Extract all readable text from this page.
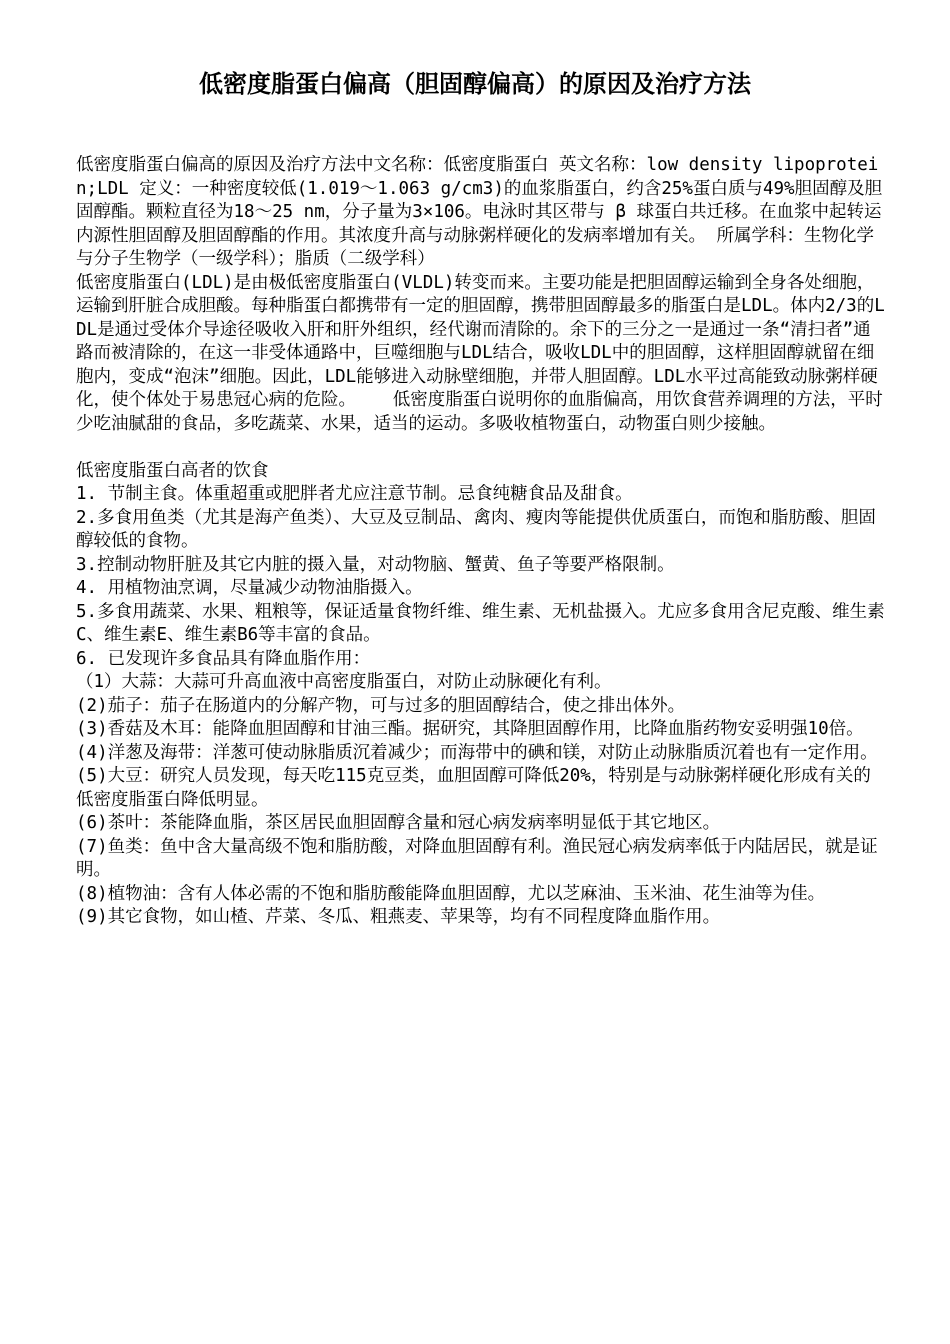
低密度脂蛋白偏高（胆固醇偏高）的原因及治疗方法

低密度脂蛋白偏高的原因及治疗方法中文名称：低密度脂蛋白 英文名称：low density lipoprotein;LDL 定义：一种密度较低(1.019～1.063 g/cm3)的血浆脂蛋白，约含25%蛋白质与49%胆固醇及胆固醇酯。颗粒直径为18～25 nm，分子量为3×106。电泳时其区带与 β 球蛋白共迁移。在血浆中起转运内源性胆固醇及胆固醇酯的作用。其浓度升高与动脉粥样硬化的发病率增加有关。 所属学科：生物化学与分子生物学（一级学科）；脂质（二级学科）

低密度脂蛋白(LDL)是由极低密度脂蛋白(VLDL)转变而来。主要功能是把胆固醇运输到全身各处细胞，运输到肝脏合成胆酸。每种脂蛋白都携带有一定的胆固醇，携带胆固醇最多的脂蛋白是LDL。体内2/3的LDL是通过受体介导途径吸收入肝和肝外组织，经代谢而清除的。余下的三分之一是通过一条“清扫者”通路而被清除的，在这一非受体通路中，巨噬细胞与LDL结合，吸收LDL中的胆固醇，这样胆固醇就留在细胞内，变成“泡沫”细胞。因此，LDL能够进入动脉壁细胞，并带人胆固醇。LDL水平过高能致动脉粥样硬化，使个体处于易患冠心病的危险。　　 低密度脂蛋白说明你的血脂偏高，用饮食营养调理的方法，平时少吃油腻甜的食品，多吃蔬菜、水果，适当的运动。多吸收植物蛋白，动物蛋白则少接触。

低密度脂蛋白高者的饮食

1. 节制主食。体重超重或肥胖者尤应注意节制。忌食纯糖食品及甜食。

2.多食用鱼类（尤其是海产鱼类）、大豆及豆制品、禽肉、瘦肉等能提供优质蛋白，而饱和脂肪酸、胆固醇较低的食物。

3.控制动物肝脏及其它内脏的摄入量，对动物脑、蟹黄、鱼子等要严格限制。

4. 用植物油烹调，尽量减少动物油脂摄入。

5.多食用蔬菜、水果、粗粮等，保证适量食物纤维、维生素、无机盐摄入。尤应多食用含尼克酸、维生素C、维生素E、维生素B6等丰富的食品。

6. 已发现许多食品具有降血脂作用：

（1）大蒜：大蒜可升高血液中高密度脂蛋白，对防止动脉硬化有利。

(2)茄子：茄子在肠道内的分解产物，可与过多的胆固醇结合，使之排出体外。

(3)香菇及木耳：能降血胆固醇和甘油三酯。据研究，其降胆固醇作用，比降血脂药物安妥明强10倍。

(4)洋葱及海带：洋葱可使动脉脂质沉着减少；而海带中的碘和镁，对防止动脉脂质沉着也有一定作用。

(5)大豆：研究人员发现，每天吃115克豆类，血胆固醇可降低20%，特别是与动脉粥样硬化形成有关的低密度脂蛋白降低明显。

(6)茶叶：茶能降血脂，茶区居民血胆固醇含量和冠心病发病率明显低于其它地区。

(7)鱼类：鱼中含大量高级不饱和脂肪酸，对降血胆固醇有利。渔民冠心病发病率低于内陆居民，就是证明。

(8)植物油：含有人体必需的不饱和脂肪酸能降血胆固醇，尤以芝麻油、玉米油、花生油等为佳。

(9)其它食物，如山楂、芹菜、冬瓜、粗燕麦、苹果等，均有不同程度降血脂作用。
